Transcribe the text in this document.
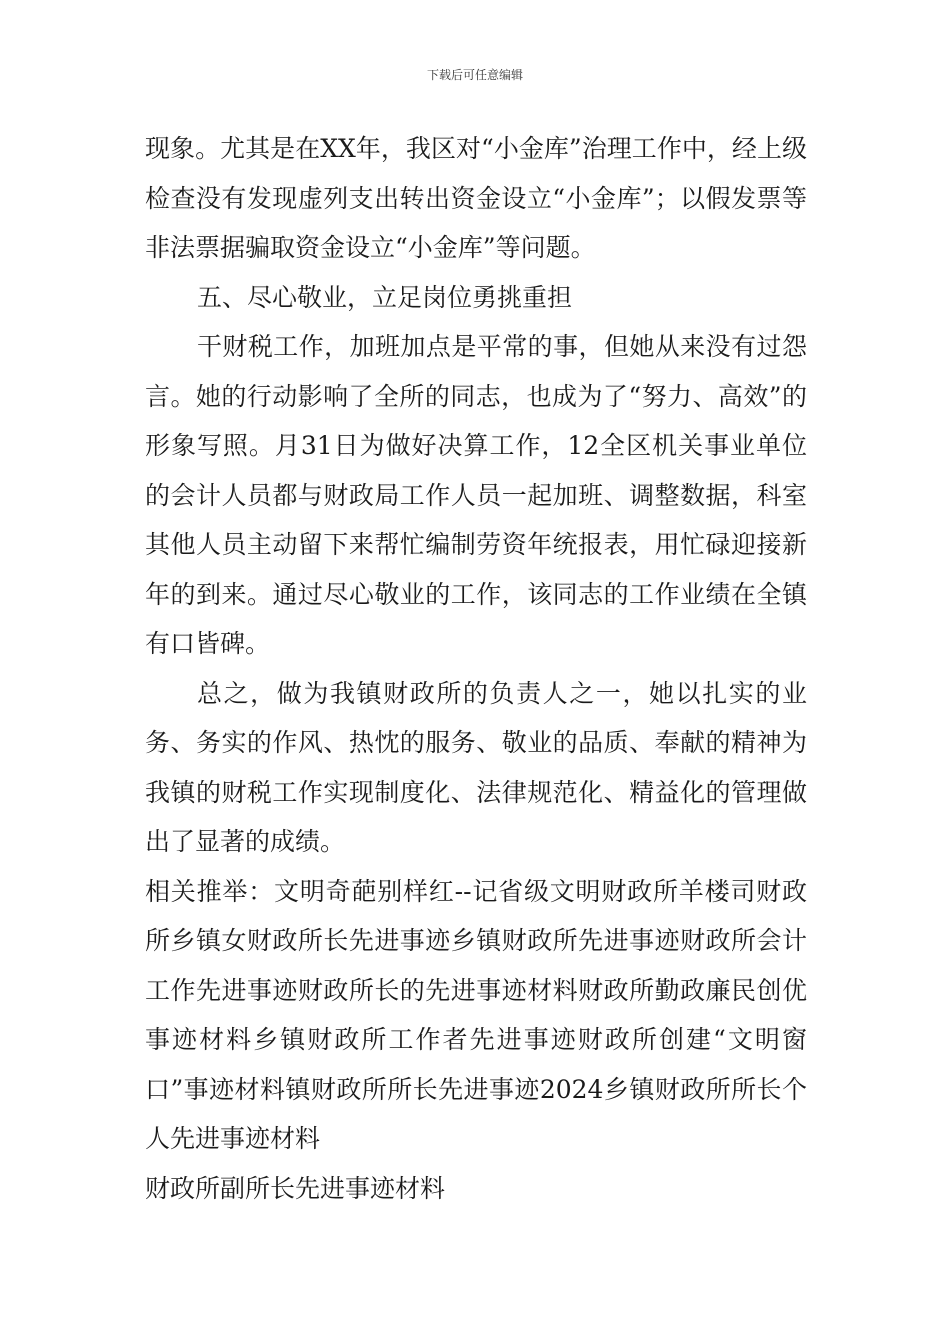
下载后可任意编辑

现象。尤其是在XX年，我区对“小金库”治理工作中，经上级检查没有发现虚列支出转出资金设立“小金库”；以假发票等非法票据骗取资金设立“小金库”等问题。

五、尽心敬业，立足岗位勇挑重担

干财税工作，加班加点是平常的事，但她从来没有过怨言。她的行动影响了全所的同志，也成为了“努力、高效”的形象写照。月31日为做好决算工作，12全区机关事业单位的会计人员都与财政局工作人员一起加班、调整数据，科室其他人员主动留下来帮忙编制劳资年统报表，用忙碌迎接新年的到来。通过尽心敬业的工作，该同志的工作业绩在全镇有口皆碑。

总之，做为我镇财政所的负责人之一，她以扎实的业务、务实的作风、热忱的服务、敬业的品质、奉献的精神为我镇的财税工作实现制度化、法律规范化、精益化的管理做出了显著的成绩。

相关推举：文明奇葩别样红--记省级文明财政所羊楼司财政所乡镇女财政所长先进事迹乡镇财政所先进事迹财政所会计工作先进事迹财政所长的先进事迹材料财政所勤政廉民创优事迹材料乡镇财政所工作者先进事迹财政所创建“文明窗口”事迹材料镇财政所所长先进事迹2024乡镇财政所所长个人先进事迹材料

财政所副所长先进事迹材料
